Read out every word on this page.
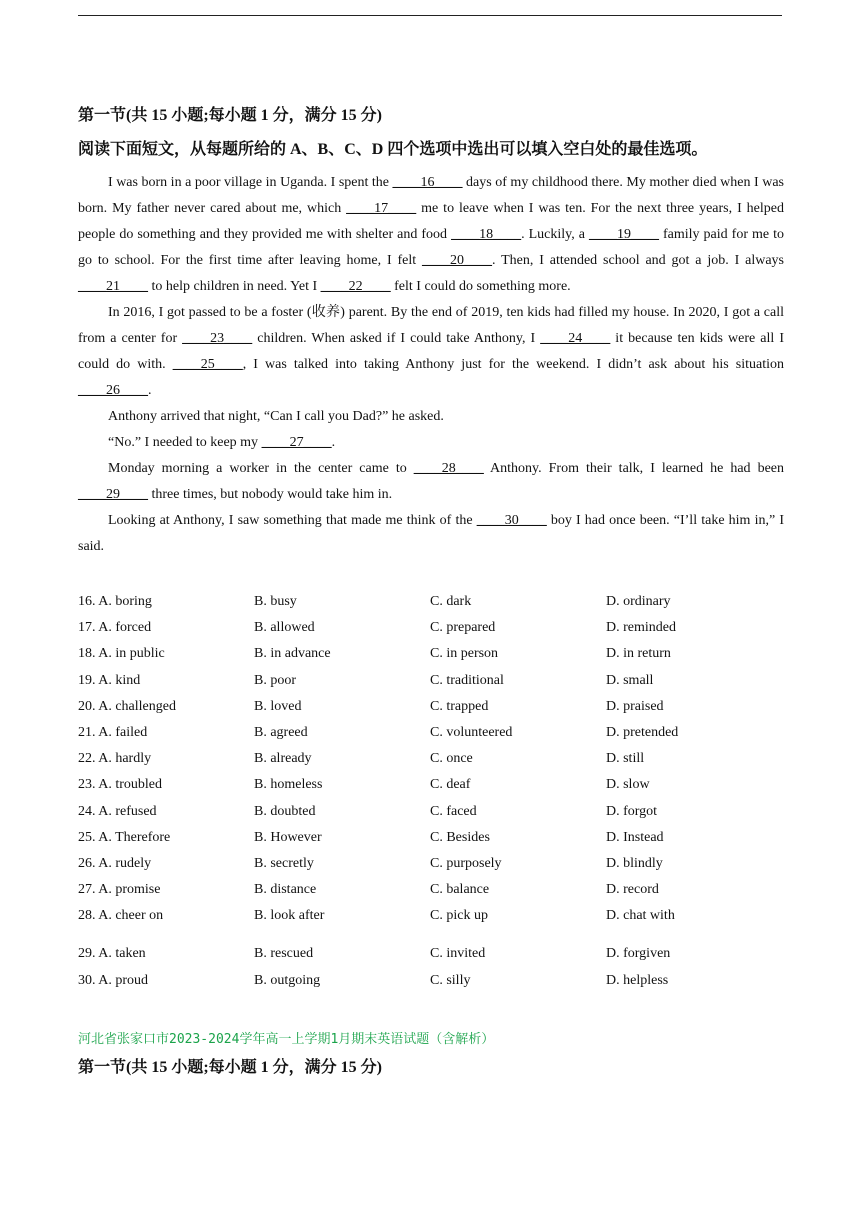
第一节(共 15 小题;每小题 1 分，满分 15 分)
阅读下面短文，从每题所给的 A、B、C、D 四个选项中选出可以填入空白处的最佳选项。

I was born in a poor village in Uganda. I spent the ____16____ days of my childhood there. My mother died when I was born. My father never cared about me, which ____17____ me to leave when I was ten. For the next three years, I helped people do something and they provided me with shelter and food ____18____. Luckily, a ____19____ family paid for me to go to school. For the first time after leaving home, I felt ____20____. Then, I attended school and got a job. I always ____21____ to help children in need. Yet I ____22____ felt I could do something more.

In 2016, I got passed to be a foster (收养) parent. By the end of 2019, ten kids had filled my house. In 2020, I got a call from a center for ____23____ children. When asked if I could take Anthony, I ____24____ it because ten kids were all I could do with. ____25____, I was talked into taking Anthony just for the weekend. I didn’t ask about his situation ____26____.

Anthony arrived that night, “Can I call you Dad?” he asked.

“No.” I needed to keep my ____27____.

Monday morning a worker in the center came to ____28____ Anthony. From their talk, I learned he had been ____29____ three times, but nobody would take him in.

Looking at Anthony, I saw something that made me think of the ____30____ boy I had once been. “I’ll take him in,” I said.

16. A. boring	B. busy	C. dark	D. ordinary
17. A. forced	B. allowed	C. prepared	D. reminded
18. A. in public	B. in advance	C. in person	D. in return
19. A. kind	B. poor	C. traditional	D. small
20. A. challenged	B. loved	C. trapped	D. praised
21. A. failed	B. agreed	C. volunteered	D. pretended
22. A. hardly	B. already	C. once	D. still
23. A. troubled	B. homeless	C. deaf	D. slow
24. A. refused	B. doubted	C. faced	D. forgot
25. A. Therefore	B. However	C. Besides	D. Instead
26. A. rudely	B. secretly	C. purposely	D. blindly
27. A. promise	B. distance	C. balance	D. record
28. A. cheer on	B. look after	C. pick up	D. chat with
29. A. taken	B. rescued	C. invited	D. forgiven
30. A. proud	B. outgoing	C. silly	D. helpless
河北省张家口市2023-2024学年高一上学期1月期末英语试题（含解析）
第一节(共 15 小题;每小题 1 分，满分 15 分)
